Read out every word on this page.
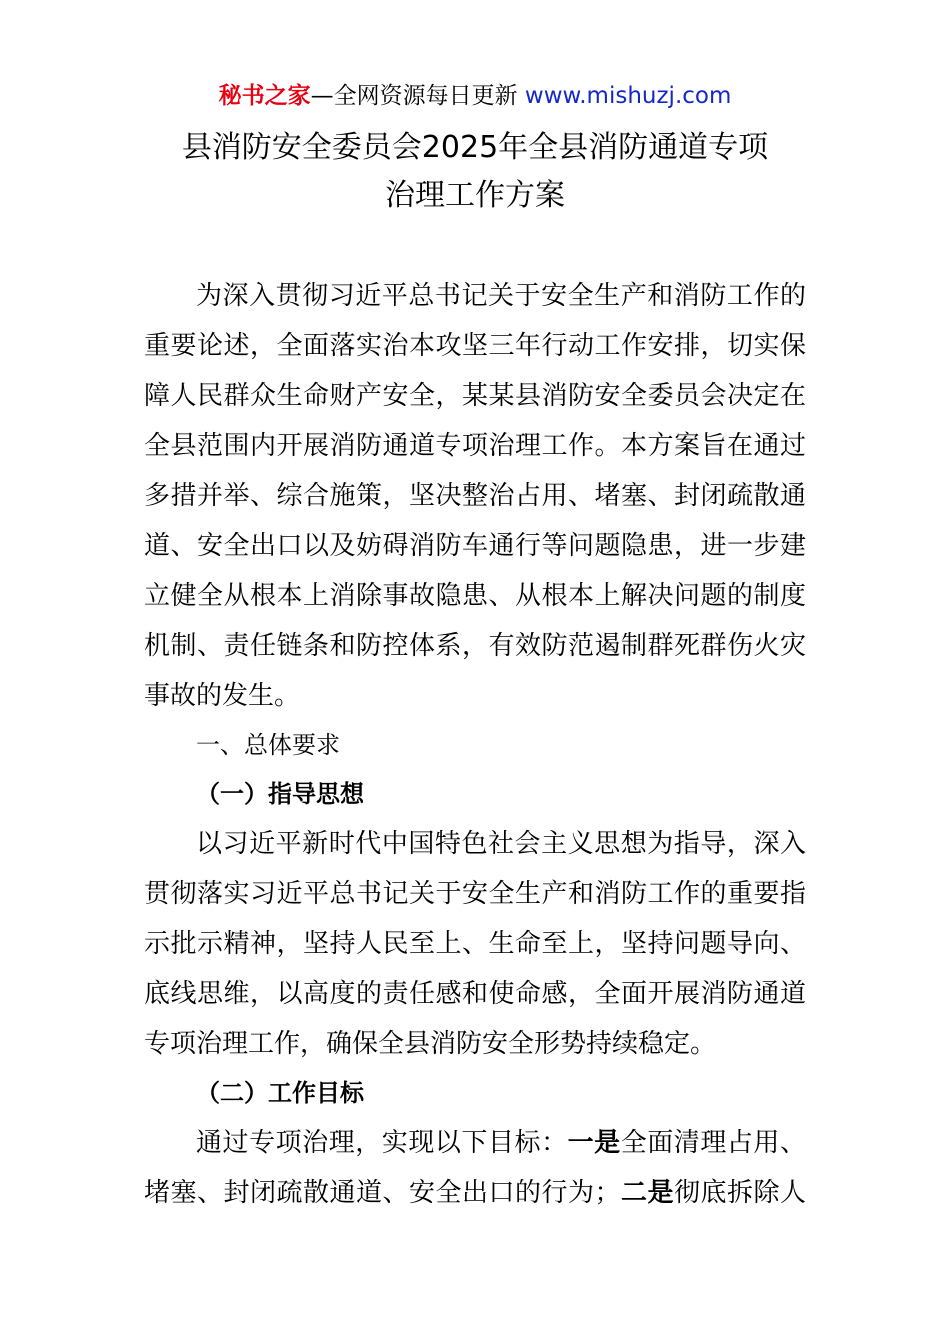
秘书之家—全网资源每日更新 www.mishuzj.com
县消防安全委员会2025年全县消防通道专项
治理工作方案
为深入贯彻习近平总书记关于安全生产和消防工作的
重要论述，全面落实治本攻坚三年行动工作安排，切实保
障人民群众生命财产安全，某某县消防安全委员会决定在
全县范围内开展消防通道专项治理工作。本方案旨在通过
多措并举、综合施策，坚决整治占用、堵塞、封闭疏散通
道、安全出口以及妨碍消防车通行等问题隐患，进一步建
立健全从根本上消除事故隐患、从根本上解决问题的制度
机制、责任链条和防控体系，有效防范遏制群死群伤火灾
事故的发生。
一、总体要求
（一）指导思想
以习近平新时代中国特色社会主义思想为指导，深入
贯彻落实习近平总书记关于安全生产和消防工作的重要指
示批示精神，坚持人民至上、生命至上，坚持问题导向、
底线思维，以高度的责任感和使命感，全面开展消防通道
专项治理工作，确保全县消防安全形势持续稳定。
（二）工作目标
通过专项治理，实现以下目标：一是全面清理占用、
堵塞、封闭疏散通道、安全出口的行为；二是彻底拆除人
